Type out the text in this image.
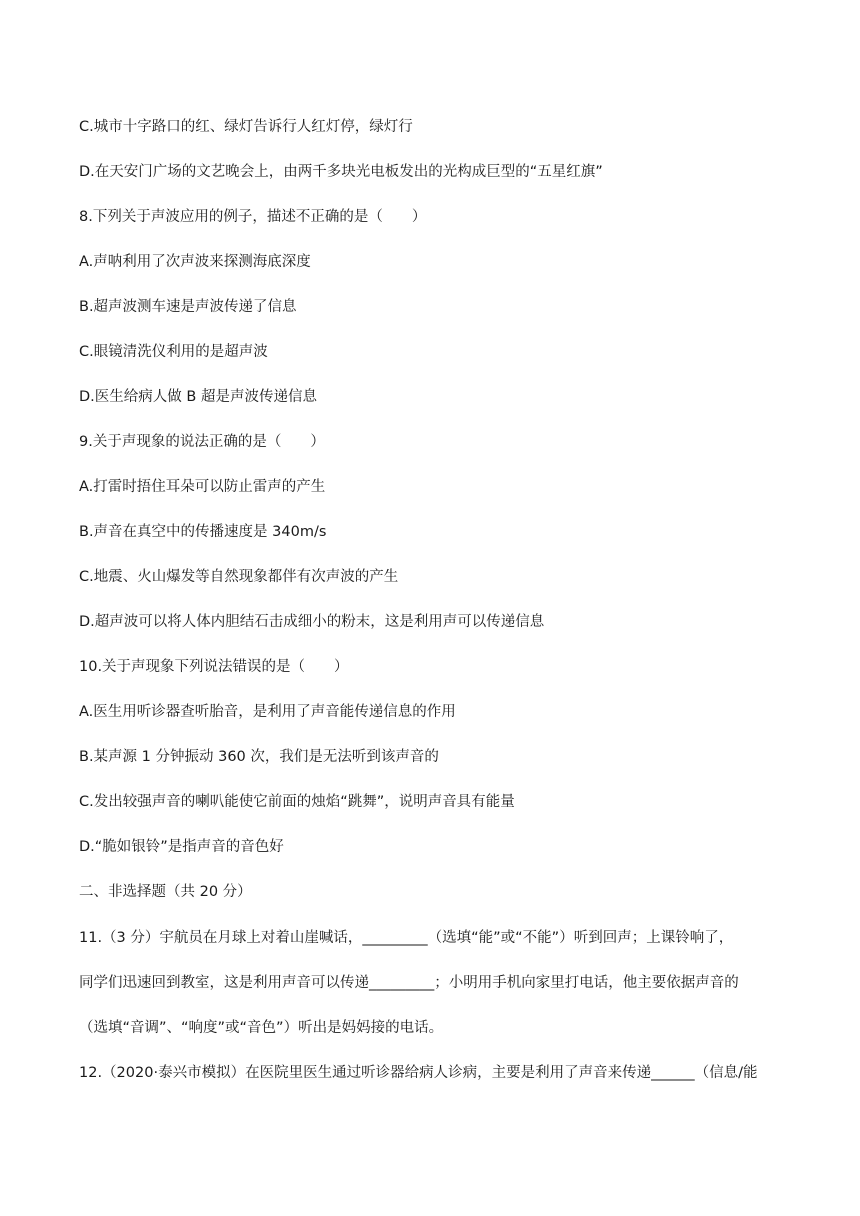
C.城市十字路口的红、绿灯告诉行人红灯停，绿灯行
D.在天安门广场的文艺晚会上，由两千多块光电板发出的光构成巨型的“五星红旗”
8.下列关于声波应用的例子，描述不正确的是（　　）
A.声呐利用了次声波来探测海底深度
B.超声波测车速是声波传递了信息
C.眼镜清洗仪利用的是超声波
D.医生给病人做 B 超是声波传递信息
9.关于声现象的说法正确的是（　　）
A.打雷时捂住耳朵可以防止雷声的产生
B.声音在真空中的传播速度是 340m/s
C.地震、火山爆发等自然现象都伴有次声波的产生
D.超声波可以将人体内胆结石击成细小的粉末，这是利用声可以传递信息
10.关于声现象下列说法错误的是（　　）
A.医生用听诊器查听胎音，是利用了声音能传递信息的作用
B.某声源 1 分钟振动 360 次，我们是无法听到该声音的
C.发出较强声音的喇叭能使它前面的烛焰“跳舞”，说明声音具有能量
D.“脆如银铃”是指声音的音色好
二、非选择题（共 20 分）
11.（3 分）宇航员在月球上对着山崖喊话，_________（选填“能”或“不能”）听到回声；上课铃响了，
同学们迅速回到教室，这是利用声音可以传递_________；小明用手机向家里打电话，他主要依据声音的
（选填“音调”、“响度”或“音色”）听出是妈妈接的电话。
12.（2020·泰兴市模拟）在医院里医生通过听诊器给病人诊病，主要是利用了声音来传递______（信息/能
